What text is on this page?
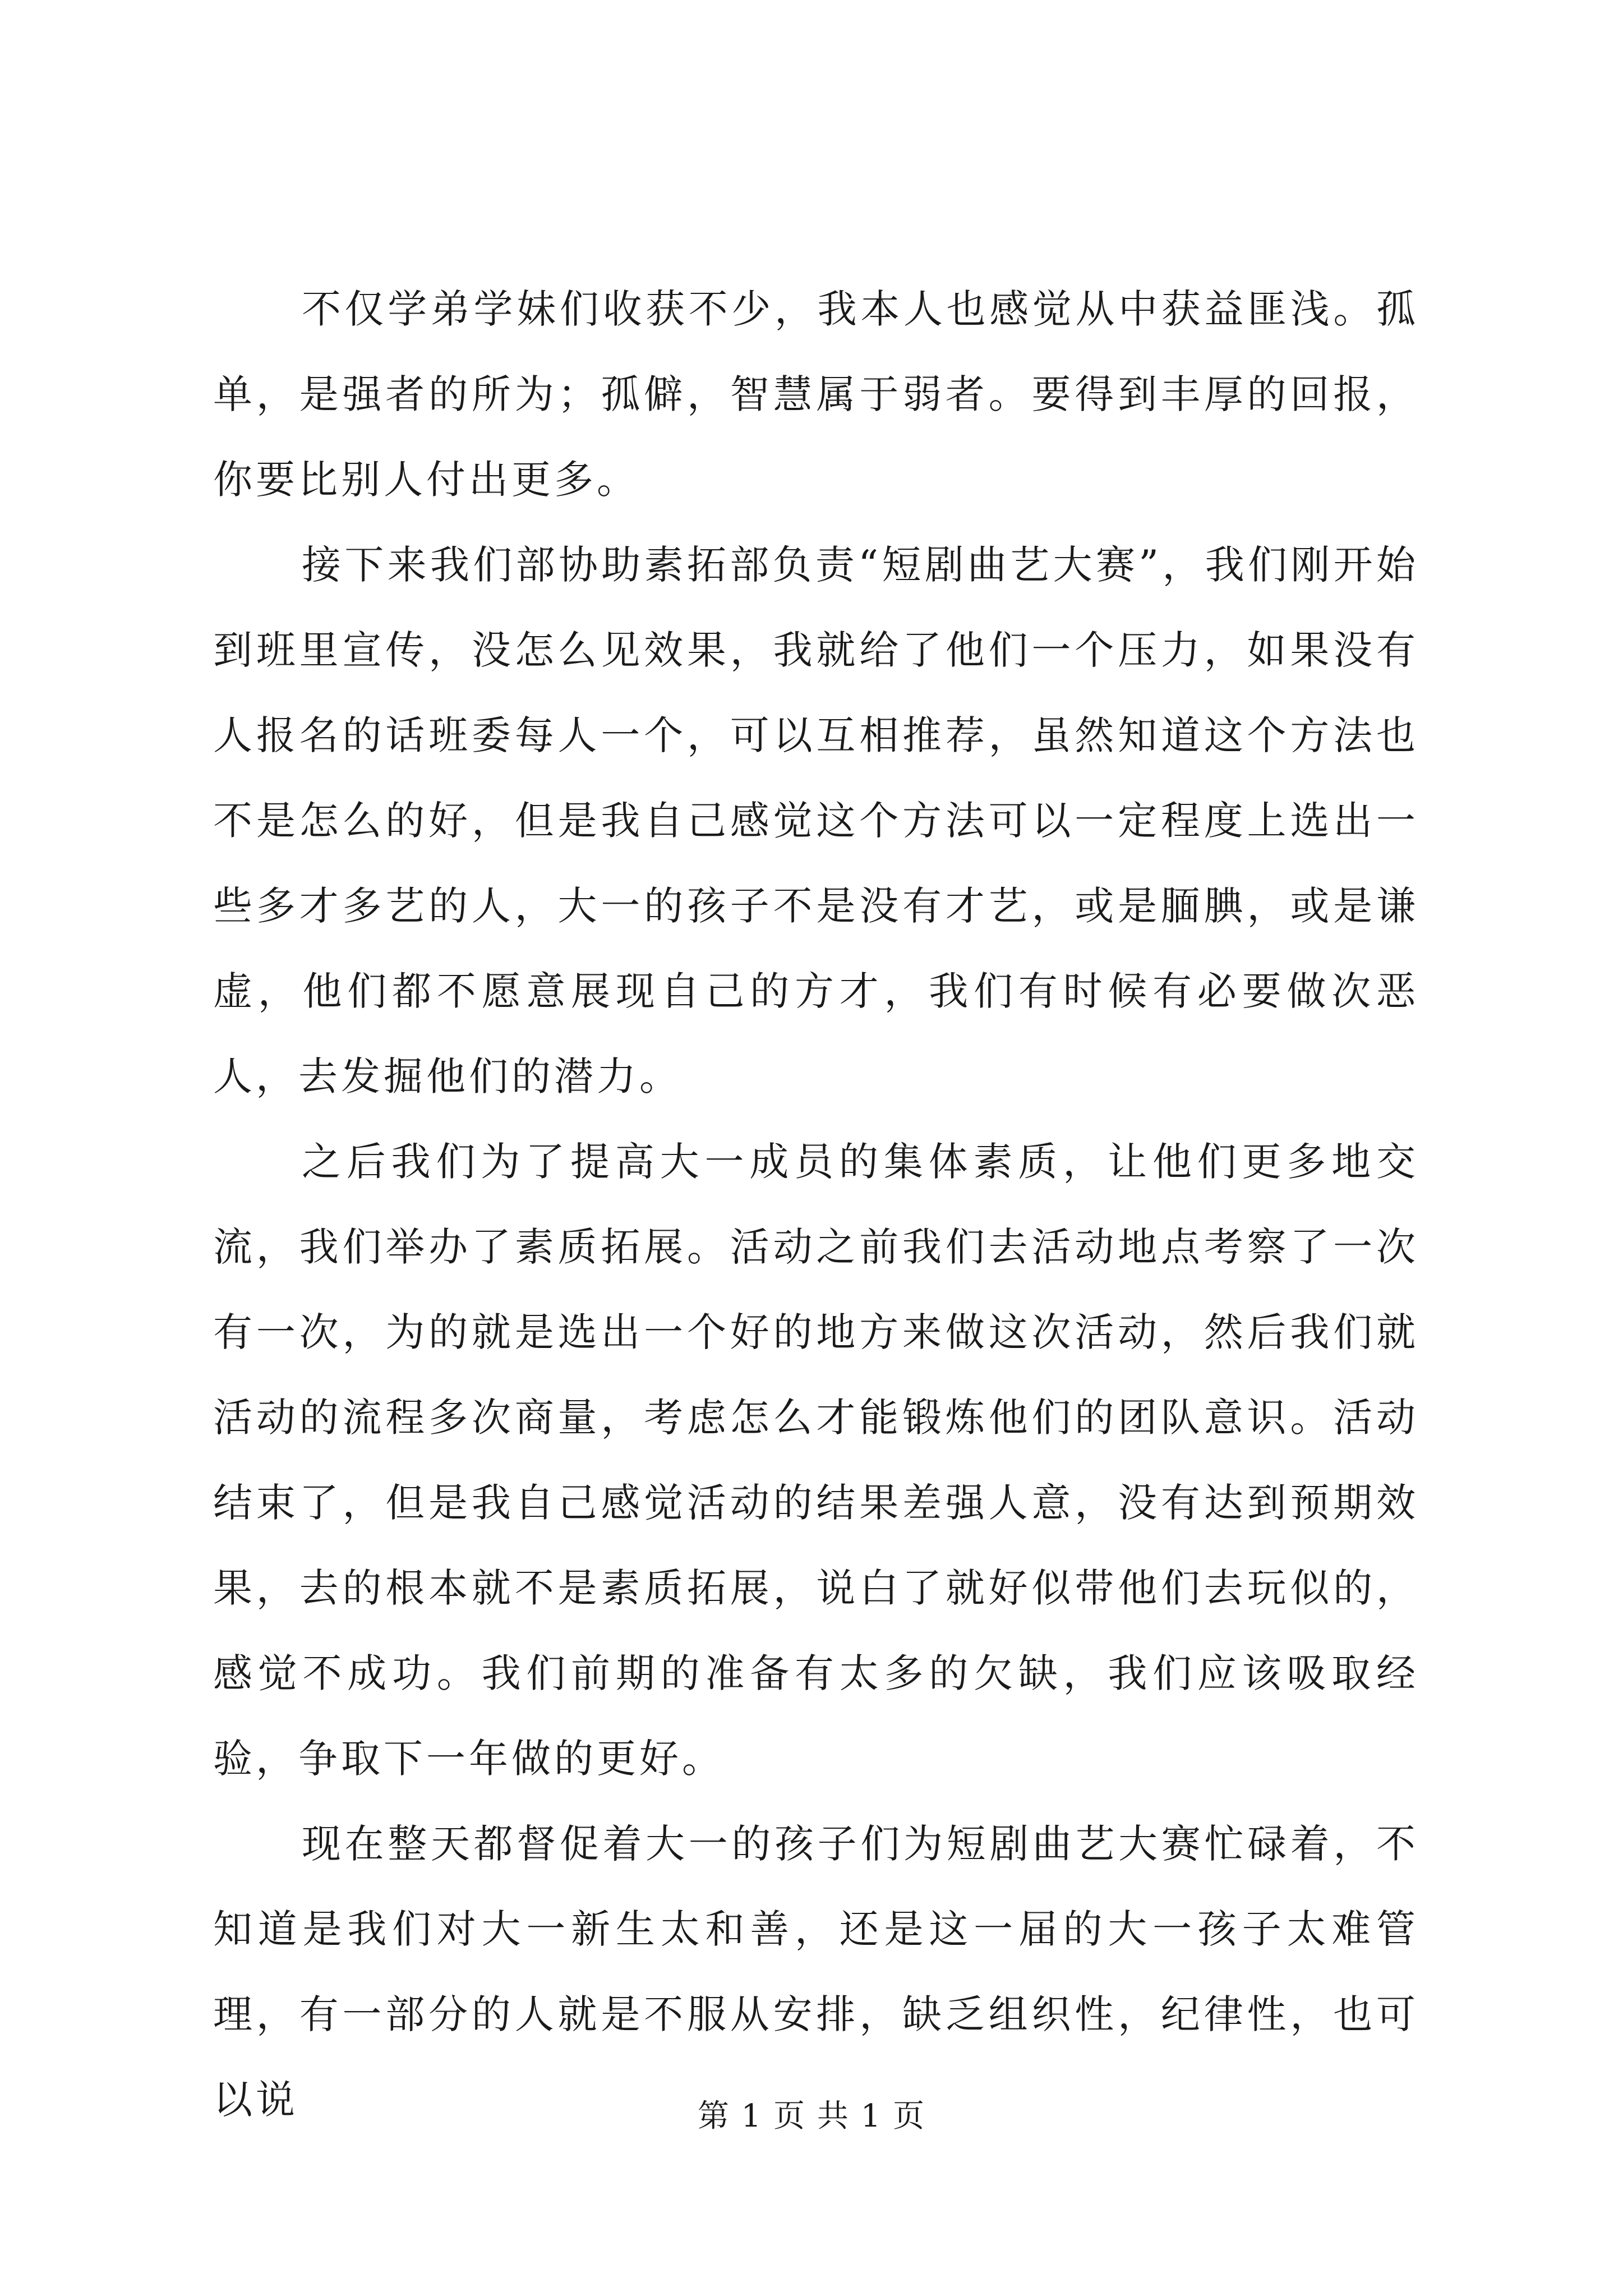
不仅学弟学妹们收获不少，我本人也感觉从中获益匪浅。孤单，是强者的所为；孤僻，智慧属于弱者。要得到丰厚的回报，你要比别人付出更多。

接下来我们部协助素拓部负责“短剧曲艺大赛”，我们刚开始到班里宣传，没怎么见效果，我就给了他们一个压力，如果没有人报名的话班委每人一个，可以互相推荐，虽然知道这个方法也不是怎么的好，但是我自己感觉这个方法可以一定程度上选出一些多才多艺的人，大一的孩子不是没有才艺，或是腼腆，或是谦虚，他们都不愿意展现自己的方才，我们有时候有必要做次恶人，去发掘他们的潜力。

之后我们为了提高大一成员的集体素质，让他们更多地交流，我们举办了素质拓展。活动之前我们去活动地点考察了一次有一次，为的就是选出一个好的地方来做这次活动，然后我们就活动的流程多次商量，考虑怎么才能锻炼他们的团队意识。活动结束了，但是我自己感觉活动的结果差强人意，没有达到预期效果，去的根本就不是素质拓展，说白了就好似带他们去玩似的，感觉不成功。我们前期的准备有太多的欠缺，我们应该吸取经验，争取下一年做的更好。

现在整天都督促着大一的孩子们为短剧曲艺大赛忙碌着，不知道是我们对大一新生太和善，还是这一届的大一孩子太难管理，有一部分的人就是不服从安排，缺乏组织性，纪律性，也可以说	第 1 页 共 1 页
